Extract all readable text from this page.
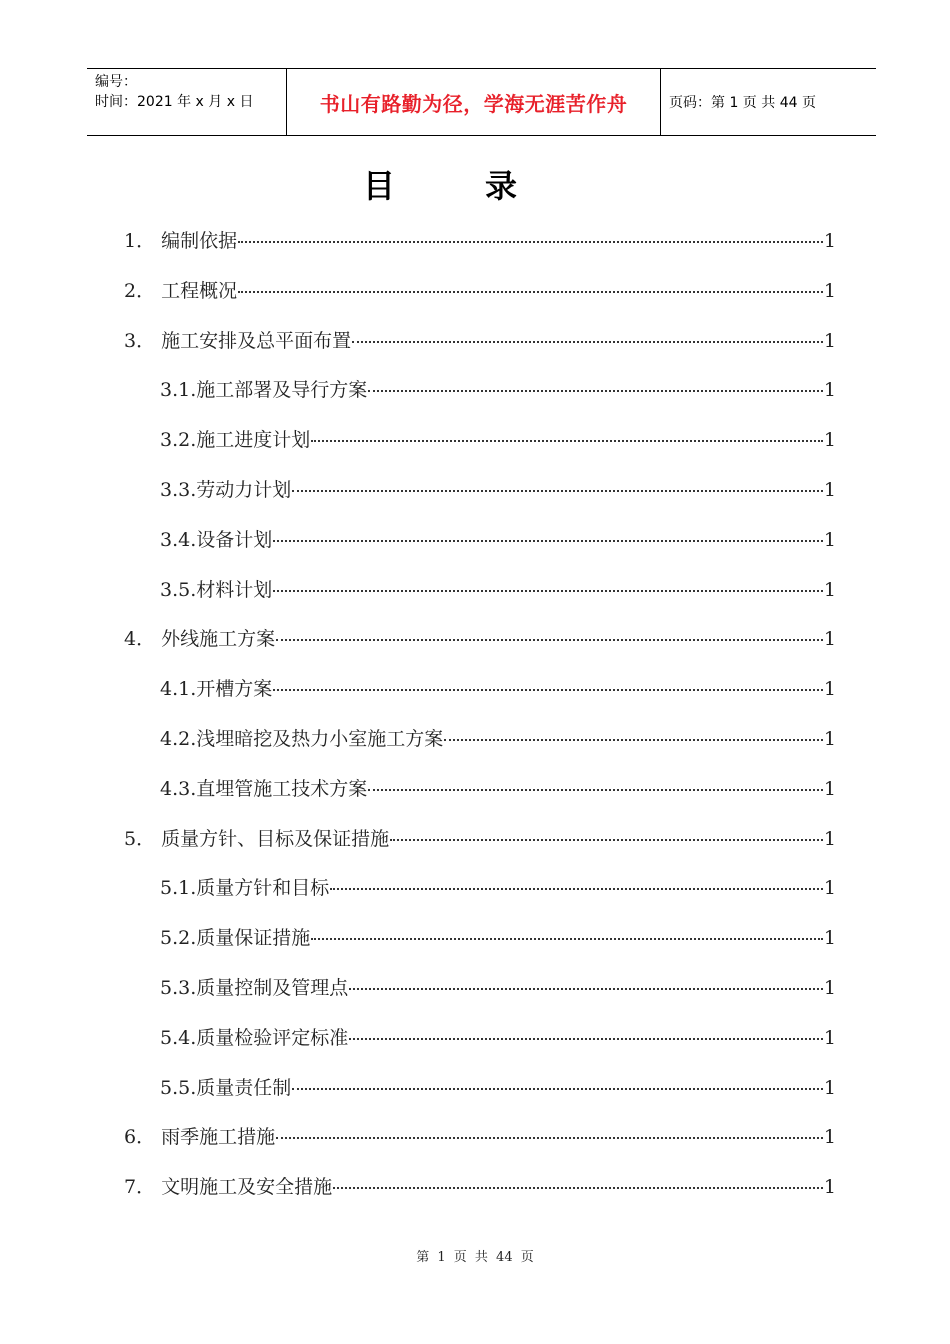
编号：
时间：2021 年 x 月 x 日	书山有路勤为径，学海无涯苦作舟	页码：第 1 页 共 44 页
目录
1． 编制依据	1
2． 工程概况	1
3． 施工安排及总平面布置	1
3.1.施工部署及导行方案	1
3.2.施工进度计划	1
3.3.劳动力计划	1
3.4.设备计划	1
3.5.材料计划	1
4． 外线施工方案	1
4.1.开槽方案	1
4.2.浅埋暗挖及热力小室施工方案	1
4.3.直埋管施工技术方案	1
5． 质量方针、目标及保证措施	1
5.1.质量方针和目标	1
5.2.质量保证措施	1
5.3.质量控制及管理点	1
5.4.质量检验评定标准	1
5.5.质量责任制	1
6． 雨季施工措施	1
7． 文明施工及安全措施	1
第 1 页 共 44 页
